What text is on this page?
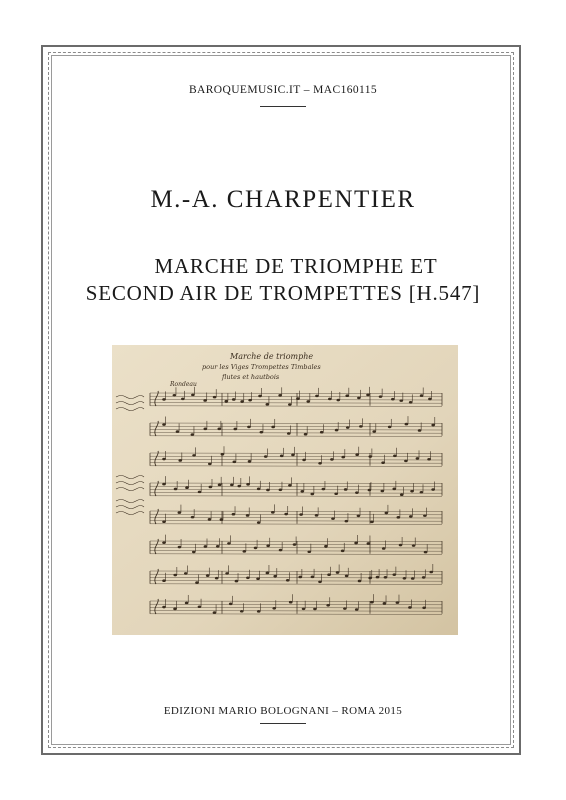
BAROQUEMUSIC.IT – MAC160115
M.-A. CHARPENTIER
MARCHE DE TRIOMPHE ET
SECOND AIR DE TROMPETTES [H.547]
Marche de triomphe
pour les Viges Trompettes Timbales
flutes et hautbois
Rondeau
EDIZIONI MARIO BOLOGNANI – ROMA 2015
